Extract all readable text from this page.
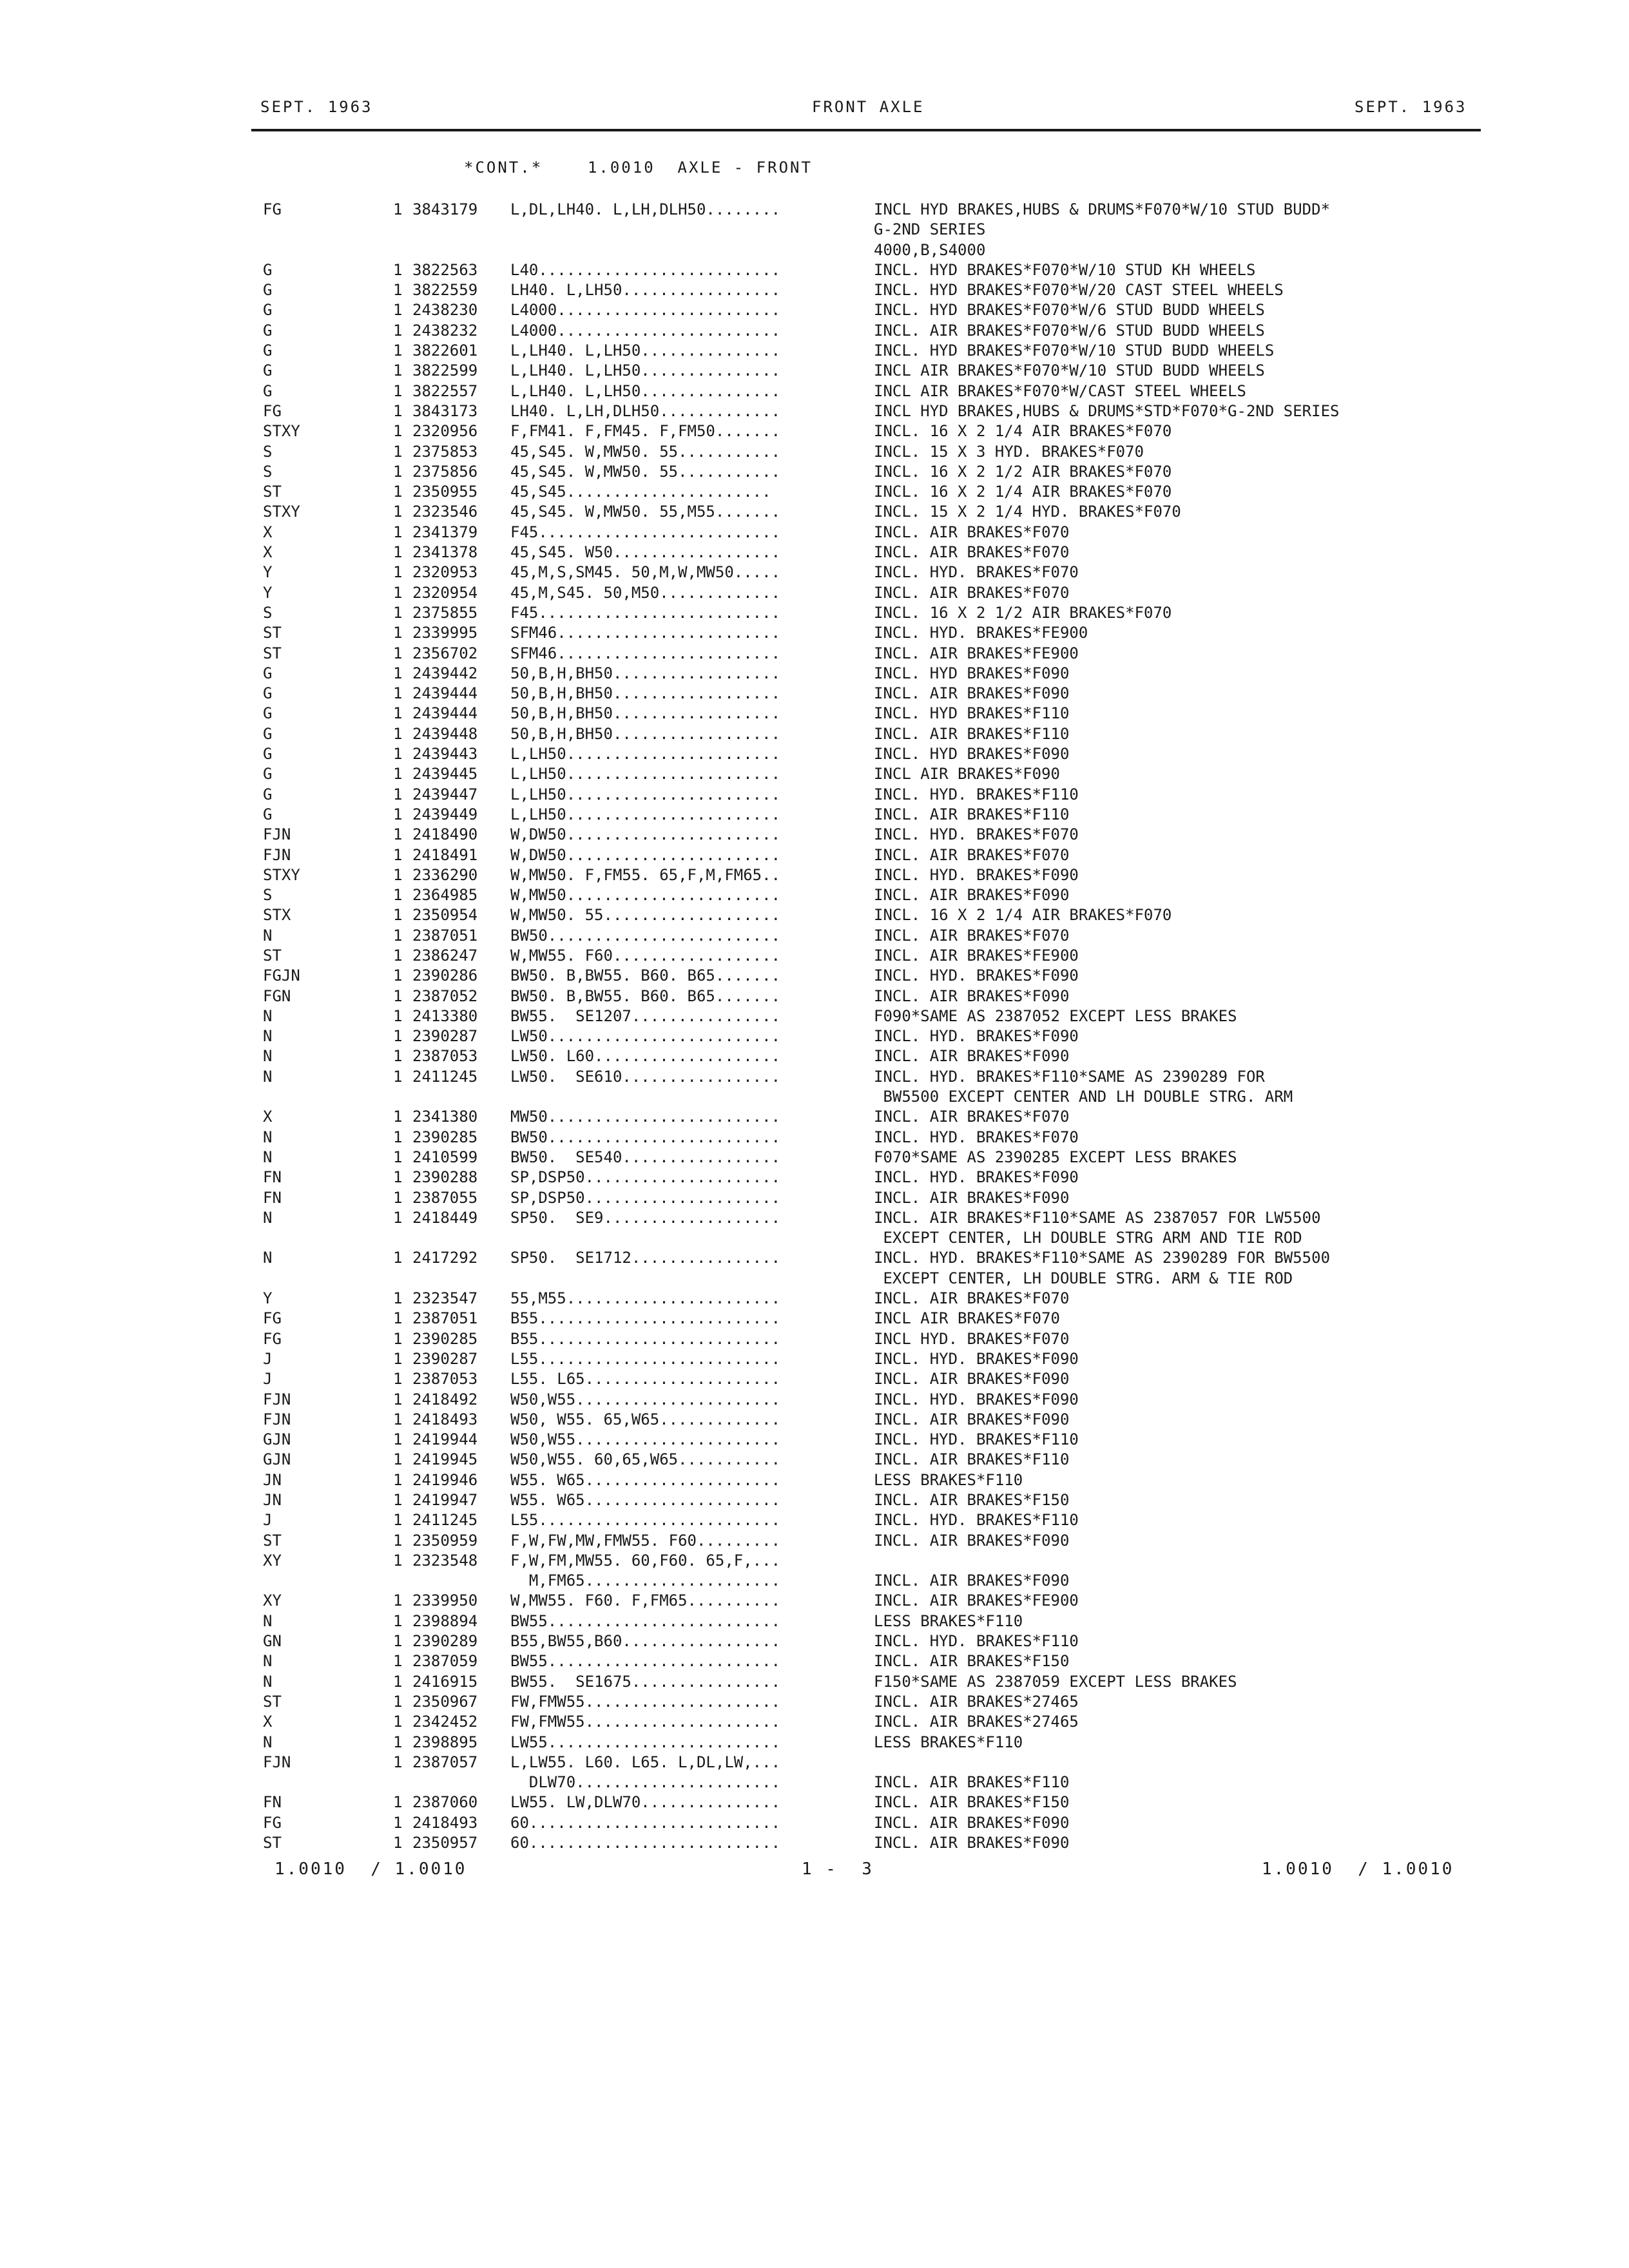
SEPT. 1963	FRONT AXLE	SEPT. 1963
*CONT.*    1.0010  AXLE - FRONT
FG	1 3843179 L,DL,LH40. L,LH,DLH50........	INCL HYD BRAKES,HUBS & DRUMS*F070*W/10 STUD BUDD*
G-2ND SERIES
4000,B,S4000
G	1 3822563 L40..........................	INCL. HYD BRAKES*F070*W/10 STUD KH WHEELS
G	1 3822559 LH40. L,LH50.................	INCL. HYD BRAKES*F070*W/20 CAST STEEL WHEELS
G	1 2438230 L4000........................	INCL. HYD BRAKES*F070*W/6 STUD BUDD WHEELS
G	1 2438232 L4000........................	INCL. AIR BRAKES*F070*W/6 STUD BUDD WHEELS
G	1 3822601 L,LH40. L,LH50...............	INCL. HYD BRAKES*F070*W/10 STUD BUDD WHEELS
G	1 3822599 L,LH40. L,LH50...............	INCL AIR BRAKES*F070*W/10 STUD BUDD WHEELS
G	1 3822557 L,LH40. L,LH50...............	INCL AIR BRAKES*F070*W/CAST STEEL WHEELS
FG	1 3843173 LH40. L,LH,DLH50.............	INCL HYD BRAKES,HUBS & DRUMS*STD*F070*G-2ND SERIES
STXY	1 2320956 F,FM41. F,FM45. F,FM50.......	INCL. 16 X 2 1/4 AIR BRAKES*F070
S	1 2375853 45,S45. W,MW50. 55...........	INCL. 15 X 3 HYD. BRAKES*F070
S	1 2375856 45,S45. W,MW50. 55...........	INCL. 16 X 2 1/2 AIR BRAKES*F070
ST	1 2350955 45,S45......................	INCL. 16 X 2 1/4 AIR BRAKES*F070
STXY	1 2323546 45,S45. W,MW50. 55,M55.......	INCL. 15 X 2 1/4 HYD. BRAKES*F070
X	1 2341379 F45..........................	INCL. AIR BRAKES*F070
X	1 2341378 45,S45. W50..................	INCL. AIR BRAKES*F070
Y	1 2320953 45,M,S,SM45. 50,M,W,MW50.....	INCL. HYD. BRAKES*F070
Y	1 2320954 45,M,S45. 50,M50.............	INCL. AIR BRAKES*F070
S	1 2375855 F45..........................	INCL. 16 X 2 1/2 AIR BRAKES*F070
ST	1 2339995 SFM46........................	INCL. HYD. BRAKES*FE900
ST	1 2356702 SFM46........................	INCL. AIR BRAKES*FE900
G	1 2439442 50,B,H,BH50..................	INCL. HYD BRAKES*F090
G	1 2439444 50,B,H,BH50..................	INCL. AIR BRAKES*F090
G	1 2439444 50,B,H,BH50..................	INCL. HYD BRAKES*F110
G	1 2439448 50,B,H,BH50..................	INCL. AIR BRAKES*F110
G	1 2439443 L,LH50.......................	INCL. HYD BRAKES*F090
G	1 2439445 L,LH50.......................	INCL AIR BRAKES*F090
G	1 2439447 L,LH50.......................	INCL. HYD. BRAKES*F110
G	1 2439449 L,LH50.......................	INCL. AIR BRAKES*F110
FJN	1 2418490 W,DW50.......................	INCL. HYD. BRAKES*F070
FJN	1 2418491 W,DW50.......................	INCL. AIR BRAKES*F070
STXY	1 2336290 W,MW50. F,FM55. 65,F,M,FM65..	INCL. HYD. BRAKES*F090
S	1 2364985 W,MW50.......................	INCL. AIR BRAKES*F090
STX	1 2350954 W,MW50. 55...................	INCL. 16 X 2 1/4 AIR BRAKES*F070
N	1 2387051 BW50.........................	INCL. AIR BRAKES*F070
ST	1 2386247 W,MW55. F60..................	INCL. AIR BRAKES*FE900
FGJN	1 2390286 BW50. B,BW55. B60. B65.......	INCL. HYD. BRAKES*F090
FGN	1 2387052 BW50. B,BW55. B60. B65.......	INCL. AIR BRAKES*F090
N	1 2413380 BW55.  SE1207................	F090*SAME AS 2387052 EXCEPT LESS BRAKES
N	1 2390287 LW50.........................	INCL. HYD. BRAKES*F090
N	1 2387053 LW50. L60....................	INCL. AIR BRAKES*F090
N	1 2411245 LW50.  SE610.................	INCL. HYD. BRAKES*F110*SAME AS 2390289 FOR
BW5500 EXCEPT CENTER AND LH DOUBLE STRG. ARM
X	1 2341380 MW50.........................	INCL. AIR BRAKES*F070
N	1 2390285 BW50.........................	INCL. HYD. BRAKES*F070
N	1 2410599 BW50.  SE540.................	F070*SAME AS 2390285 EXCEPT LESS BRAKES
FN	1 2390288 SP,DSP50.....................	INCL. HYD. BRAKES*F090
FN	1 2387055 SP,DSP50.....................	INCL. AIR BRAKES*F090
N	1 2418449 SP50.  SE9...................	INCL. AIR BRAKES*F110*SAME AS 2387057 FOR LW5500
EXCEPT CENTER, LH DOUBLE STRG ARM AND TIE ROD
N	1 2417292 SP50.  SE1712................	INCL. HYD. BRAKES*F110*SAME AS 2390289 FOR BW5500
EXCEPT CENTER, LH DOUBLE STRG. ARM & TIE ROD
Y	1 2323547 55,M55.......................	INCL. AIR BRAKES*F070
FG	1 2387051 B55..........................	INCL AIR BRAKES*F070
FG	1 2390285 B55..........................	INCL HYD. BRAKES*F070
J	1 2390287 L55..........................	INCL. HYD. BRAKES*F090
J	1 2387053 L55. L65.....................	INCL. AIR BRAKES*F090
FJN	1 2418492 W50,W55......................	INCL. HYD. BRAKES*F090
FJN	1 2418493 W50, W55. 65,W65.............	INCL. AIR BRAKES*F090
GJN	1 2419944 W50,W55......................	INCL. HYD. BRAKES*F110
GJN	1 2419945 W50,W55. 60,65,W65...........	INCL. AIR BRAKES*F110
JN	1 2419946 W55. W65.....................	LESS BRAKES*F110
JN	1 2419947 W55. W65.....................	INCL. AIR BRAKES*F150
J	1 2411245 L55..........................	INCL. HYD. BRAKES*F110
ST	1 2350959 F,W,FW,MW,FMW55. F60.........	INCL. AIR BRAKES*F090
XY	1 2323548 F,W,FM,MW55. 60,F60. 65,F,...
M,FM65.....................	INCL. AIR BRAKES*F090
XY	1 2339950 W,MW55. F60. F,FM65..........	INCL. AIR BRAKES*FE900
N	1 2398894 BW55.........................	LESS BRAKES*F110
GN	1 2390289 B55,BW55,B60.................	INCL. HYD. BRAKES*F110
N	1 2387059 BW55.........................	INCL. AIR BRAKES*F150
N	1 2416915 BW55.  SE1675................	F150*SAME AS 2387059 EXCEPT LESS BRAKES
ST	1 2350967 FW,FMW55.....................	INCL. AIR BRAKES*27465
X	1 2342452 FW,FMW55.....................	INCL. AIR BRAKES*27465
N	1 2398895 LW55.........................	LESS BRAKES*F110
FJN	1 2387057 L,LW55. L60. L65. L,DL,LW,...
DLW70......................	INCL. AIR BRAKES*F110
FN	1 2387060 LW55. LW,DLW70...............	INCL. AIR BRAKES*F150
FG	1 2418493 60...........................	INCL. AIR BRAKES*F090
ST	1 2350957 60...........................	INCL. AIR BRAKES*F090
1.0010  / 1.0010	1 -  3	1.0010  / 1.0010
